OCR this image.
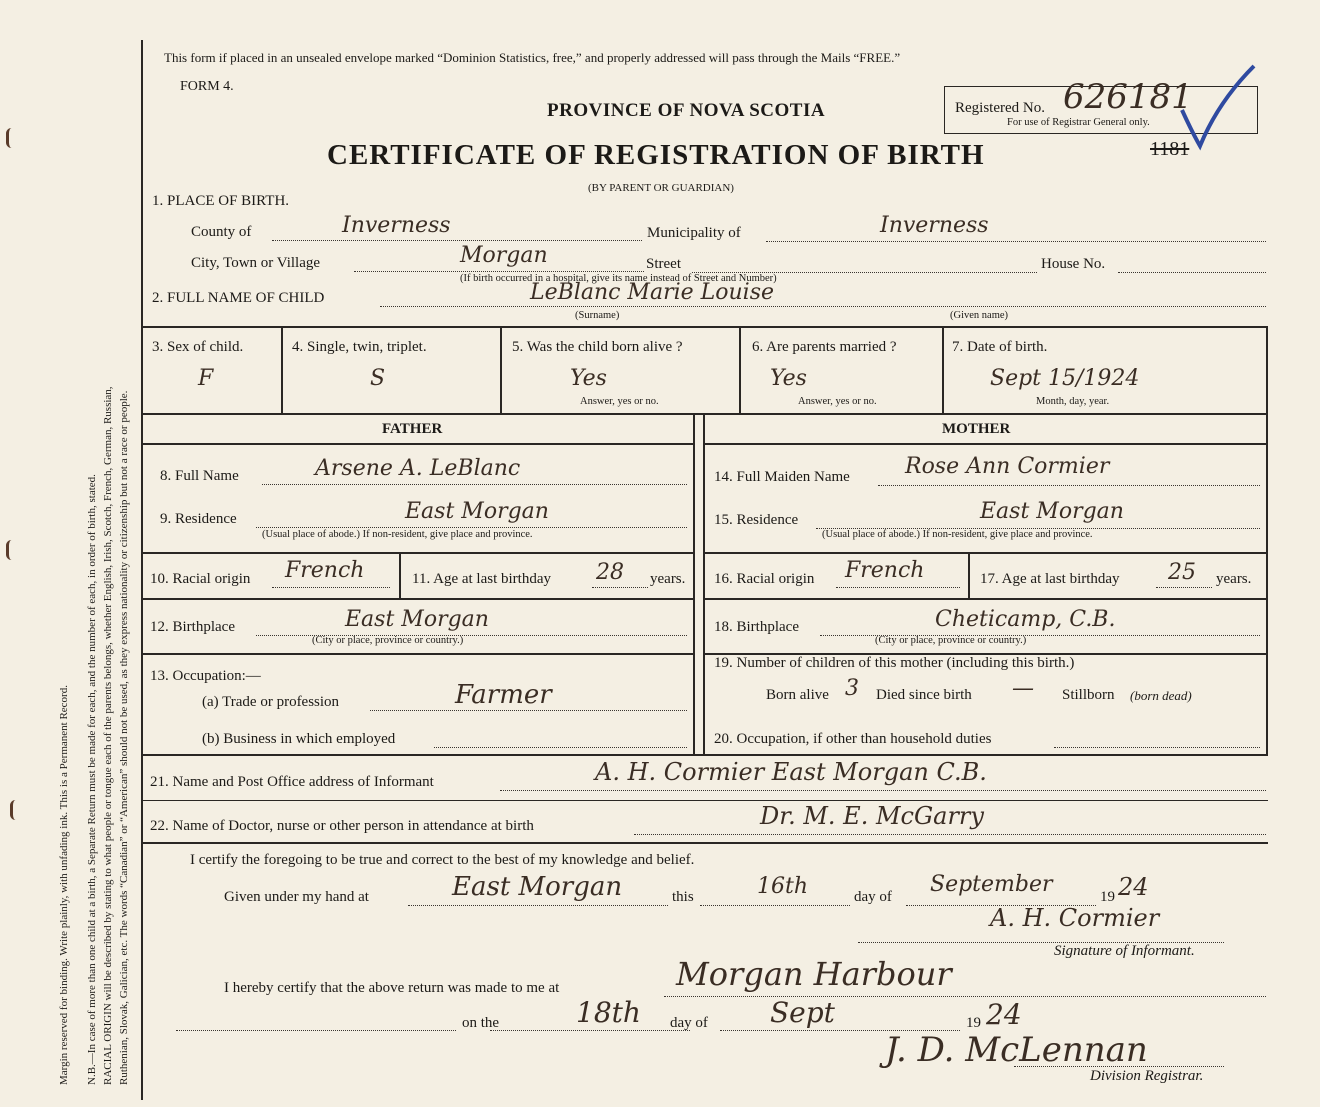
Margin reserved for binding. Write plainly, with unfading ink. This is a Permanent Record. N.B.—In case of more than one child at a birth, a Separate Return must be made for each, and the number of each, in order of birth, stated. RACIAL ORIGIN will be described by stating to what people or tongue each of the parents belongs, whether English, Irish, Scotch, French, German, Russian, Ruthenian, Slovak, Galician, etc. The words “Canadian” or “American” should not be used, as they express nationality or citizenship but not a race or people.
This form if placed in an unsealed envelope marked “Dominion Statistics, free,” and properly addressed will pass through the Mails “FREE.”
FORM 4.
PROVINCE OF NOVA SCOTIA
CERTIFICATE OF REGISTRATION OF BIRTH
(BY PARENT OR GUARDIAN)
Registered No. 626181
For use of Registrar General only.
1181
1. PLACE OF BIRTH.
County of	Inverness	Municipality of	Inverness
City, Town or Village	Morgan	Street	House No.
(If birth occurred in a hospital, give its name instead of Street and Number)
2. FULL NAME OF CHILD	LeBlanc Marie Louise
(Surname)	(Given name)
3. Sex of child.
F
4. Single, twin, triplet.
S
5. Was the child born alive ?
Yes
Answer, yes or no.
6. Are parents married ?
Yes
Answer, yes or no.
7. Date of birth.
Sept 15/1924
Month, day, year.
FATHER	MOTHER
8. Full Name	Arsene A. LeBlanc
9. Residence	East Morgan
(Usual place of abode.) If non-resident, give place and province.
10. Racial origin French	11. Age at last birthday 28 years.
12. Birthplace	East Morgan
(City or place, province or country.)
13. Occupation:—
(a) Trade or profession	Farmer
(b) Business in which employed
14. Full Maiden Name	Rose Ann Cormier
15. Residence	East Morgan
(Usual place of abode.) If non-resident, give place and province.
16. Racial origin French	17. Age at last birthday 25 years.
18. Birthplace	Cheticamp, C.B.
(City or place, province or country.)
19. Number of children of this mother (including this birth.)
Born alive 3 Died since birth — Stillborn (born dead)
20. Occupation, if other than household duties
21. Name and Post Office address of Informant	A. H. Cormier East Morgan C.B.
22. Name of Doctor, nurse or other person in attendance at birth	Dr. M. E. McGarry
I certify the foregoing to be true and correct to the best of my knowledge and belief.
Given under my hand at	East Morgan	this	16th	day of September	19 24
A. H. Cormier
Signature of Informant.
I hereby certify that the above return was made to me at	Morgan Harbour
on the	18th day of Sept	19 24
J. D. McLennan
Division Registrar.
